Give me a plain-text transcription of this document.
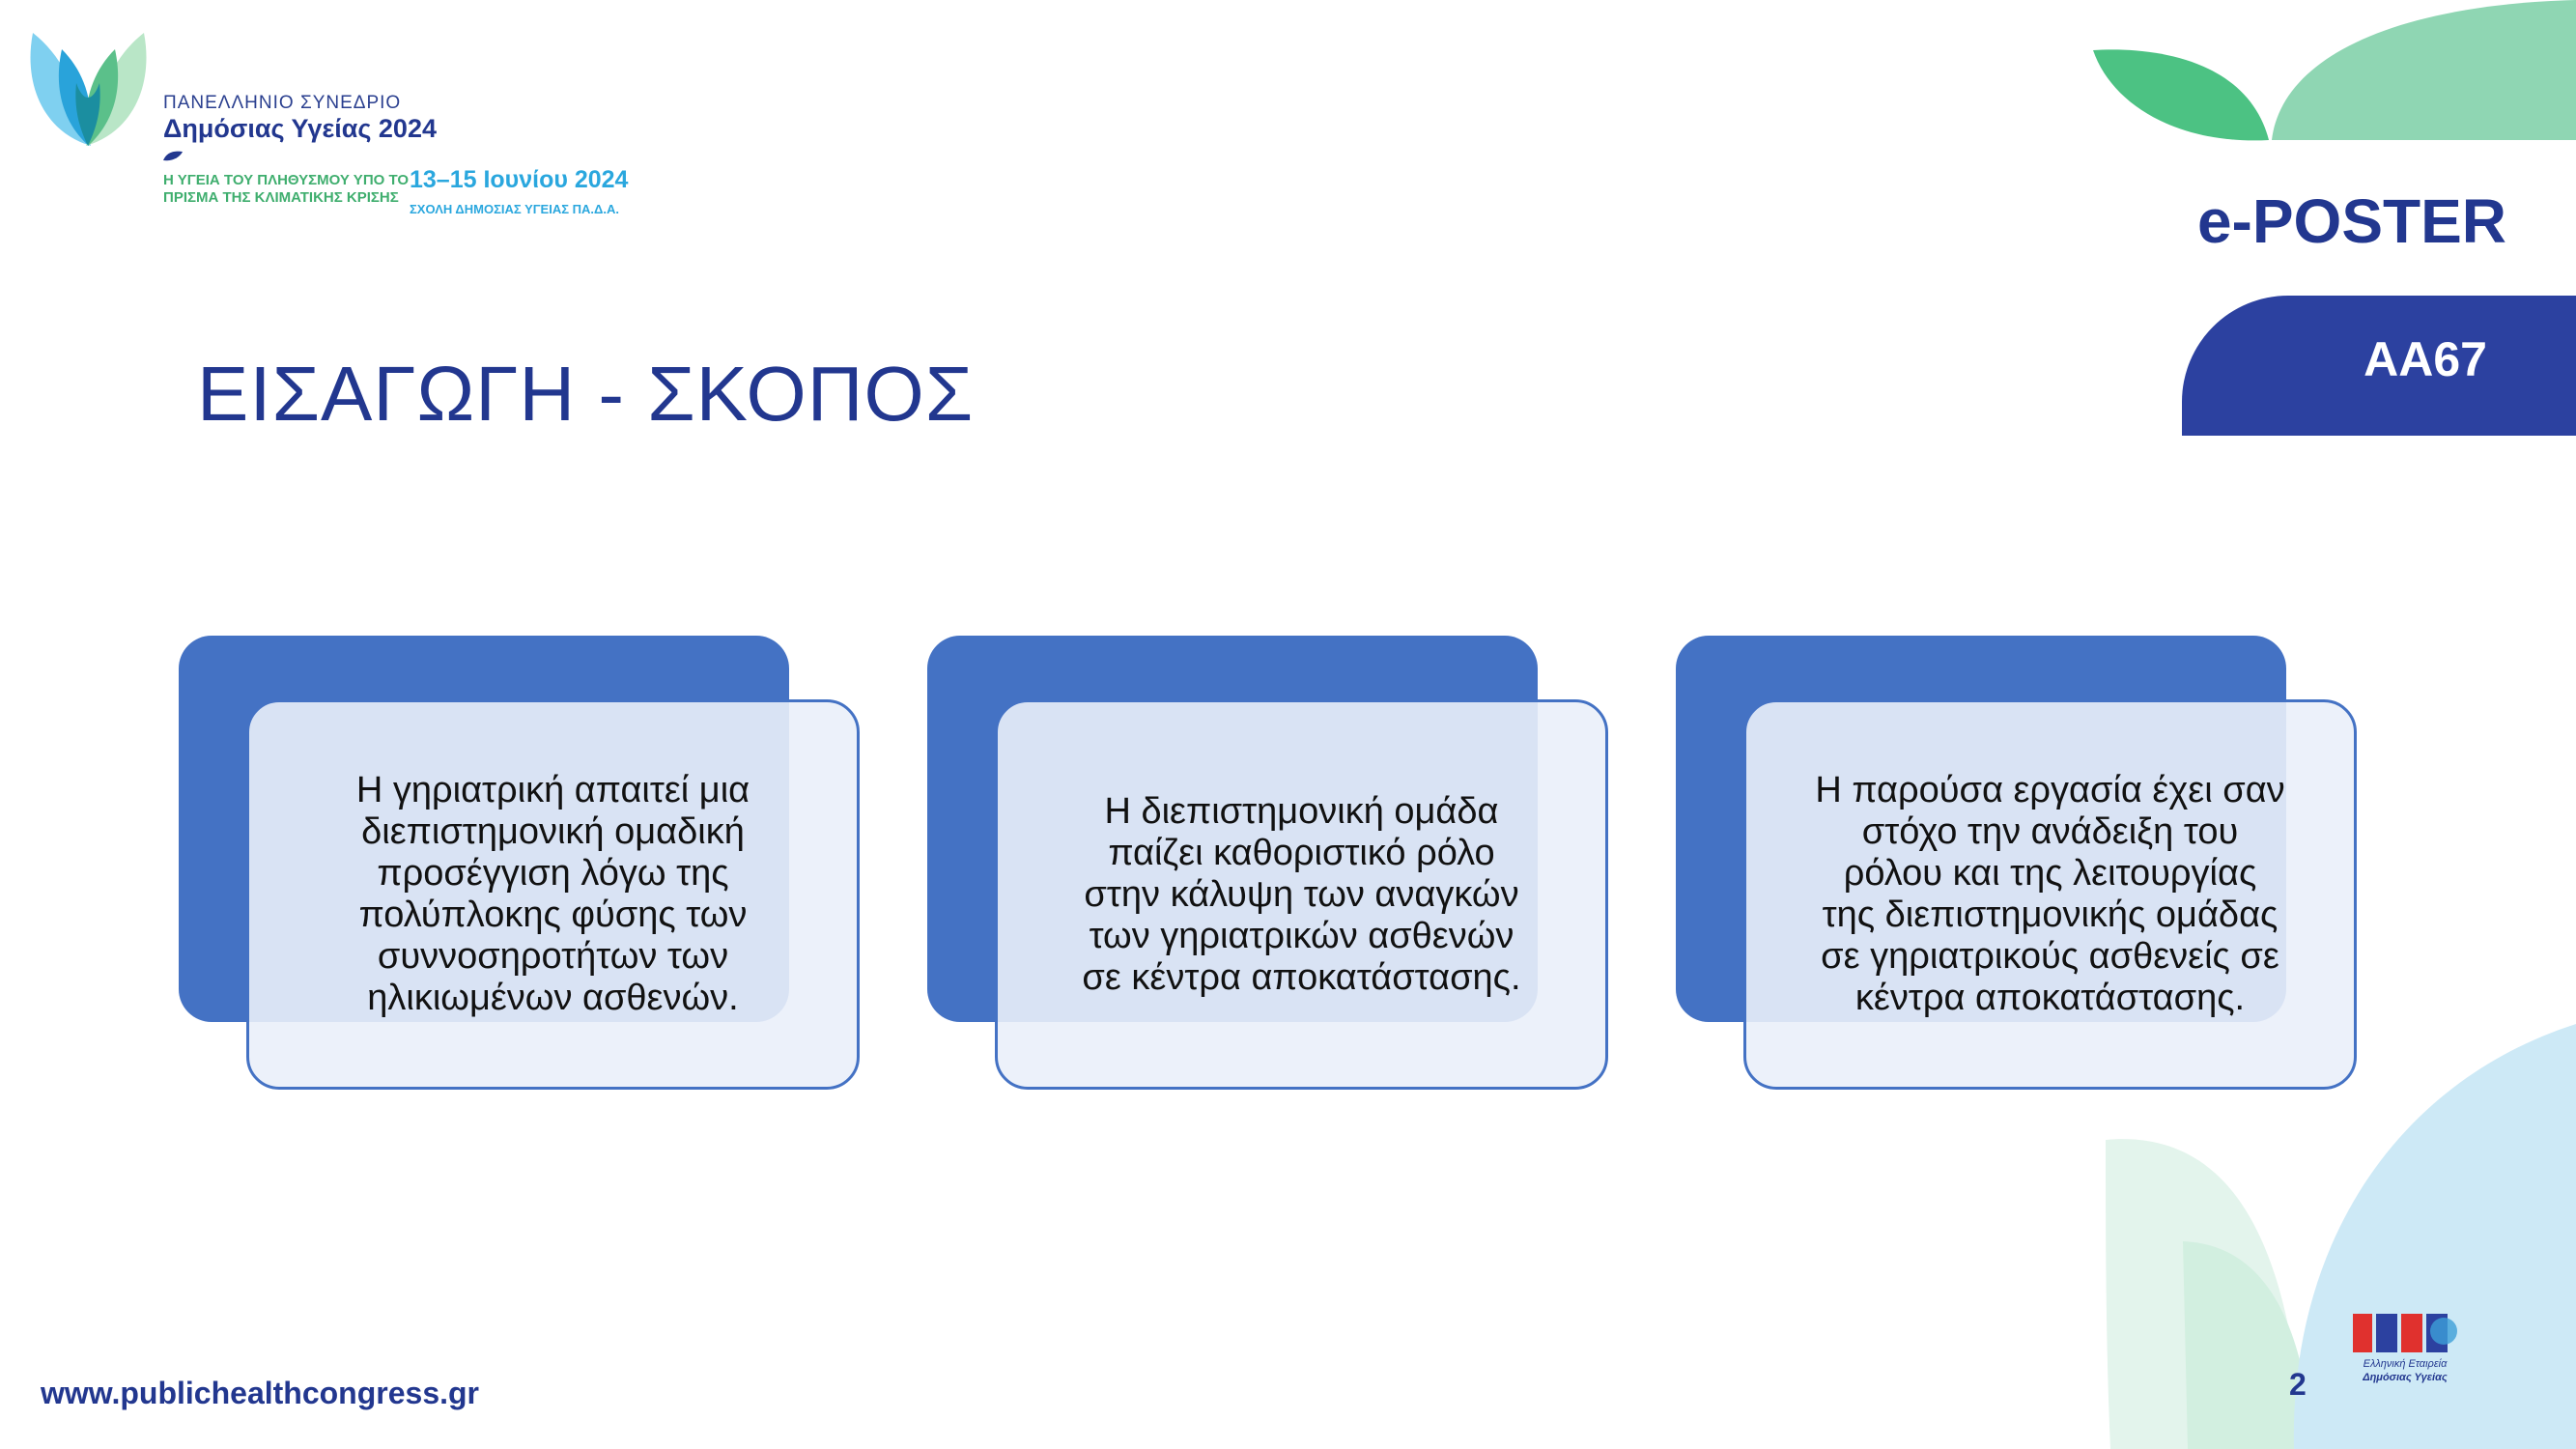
ΠΑΝΕΛΛΗΝΙΟ ΣΥΝΕΔΡΙΟ
Δημόσιας Υγείας 2024
Η ΥΓΕΙΑ ΤΟΥ ΠΛΗΘΥΣΜΟΥ ΥΠΟ ΤΟ ΠΡΙΣΜΑ ΤΗΣ ΚΛΙΜΑΤΙΚΗΣ ΚΡΙΣΗΣ
13–15 Ιουνίου 2024
ΣΧΟΛΗ ΔΗΜΟΣΙΑΣ ΥΓΕΙΑΣ ΠΑ.Δ.Α.	e-POSTER
ΑΑ67
ΕΙΣΑΓΩΓΗ - ΣΚΟΠΟΣ
Η γηριατρική απαιτεί μια διεπιστημονική ομαδική προσέγγιση λόγω της πολύπλοκης φύσης των συννοσηροτήτων των ηλικιωμένων ασθενών.
Η διεπιστημονική ομάδα παίζει καθοριστικό ρόλο στην κάλυψη των αναγκών των γηριατρικών ασθενών σε κέντρα αποκατάστασης.
Η παρούσα εργασία έχει σαν στόχο την ανάδειξη του ρόλου και της λειτουργίας της διεπιστημονικής ομάδας σε γηριατρικούς ασθενείς σε κέντρα αποκατάστασης.
Ελληνική Εταιρεία
Δημόσιας Υγείας
www.publichealthcongress.gr	2
